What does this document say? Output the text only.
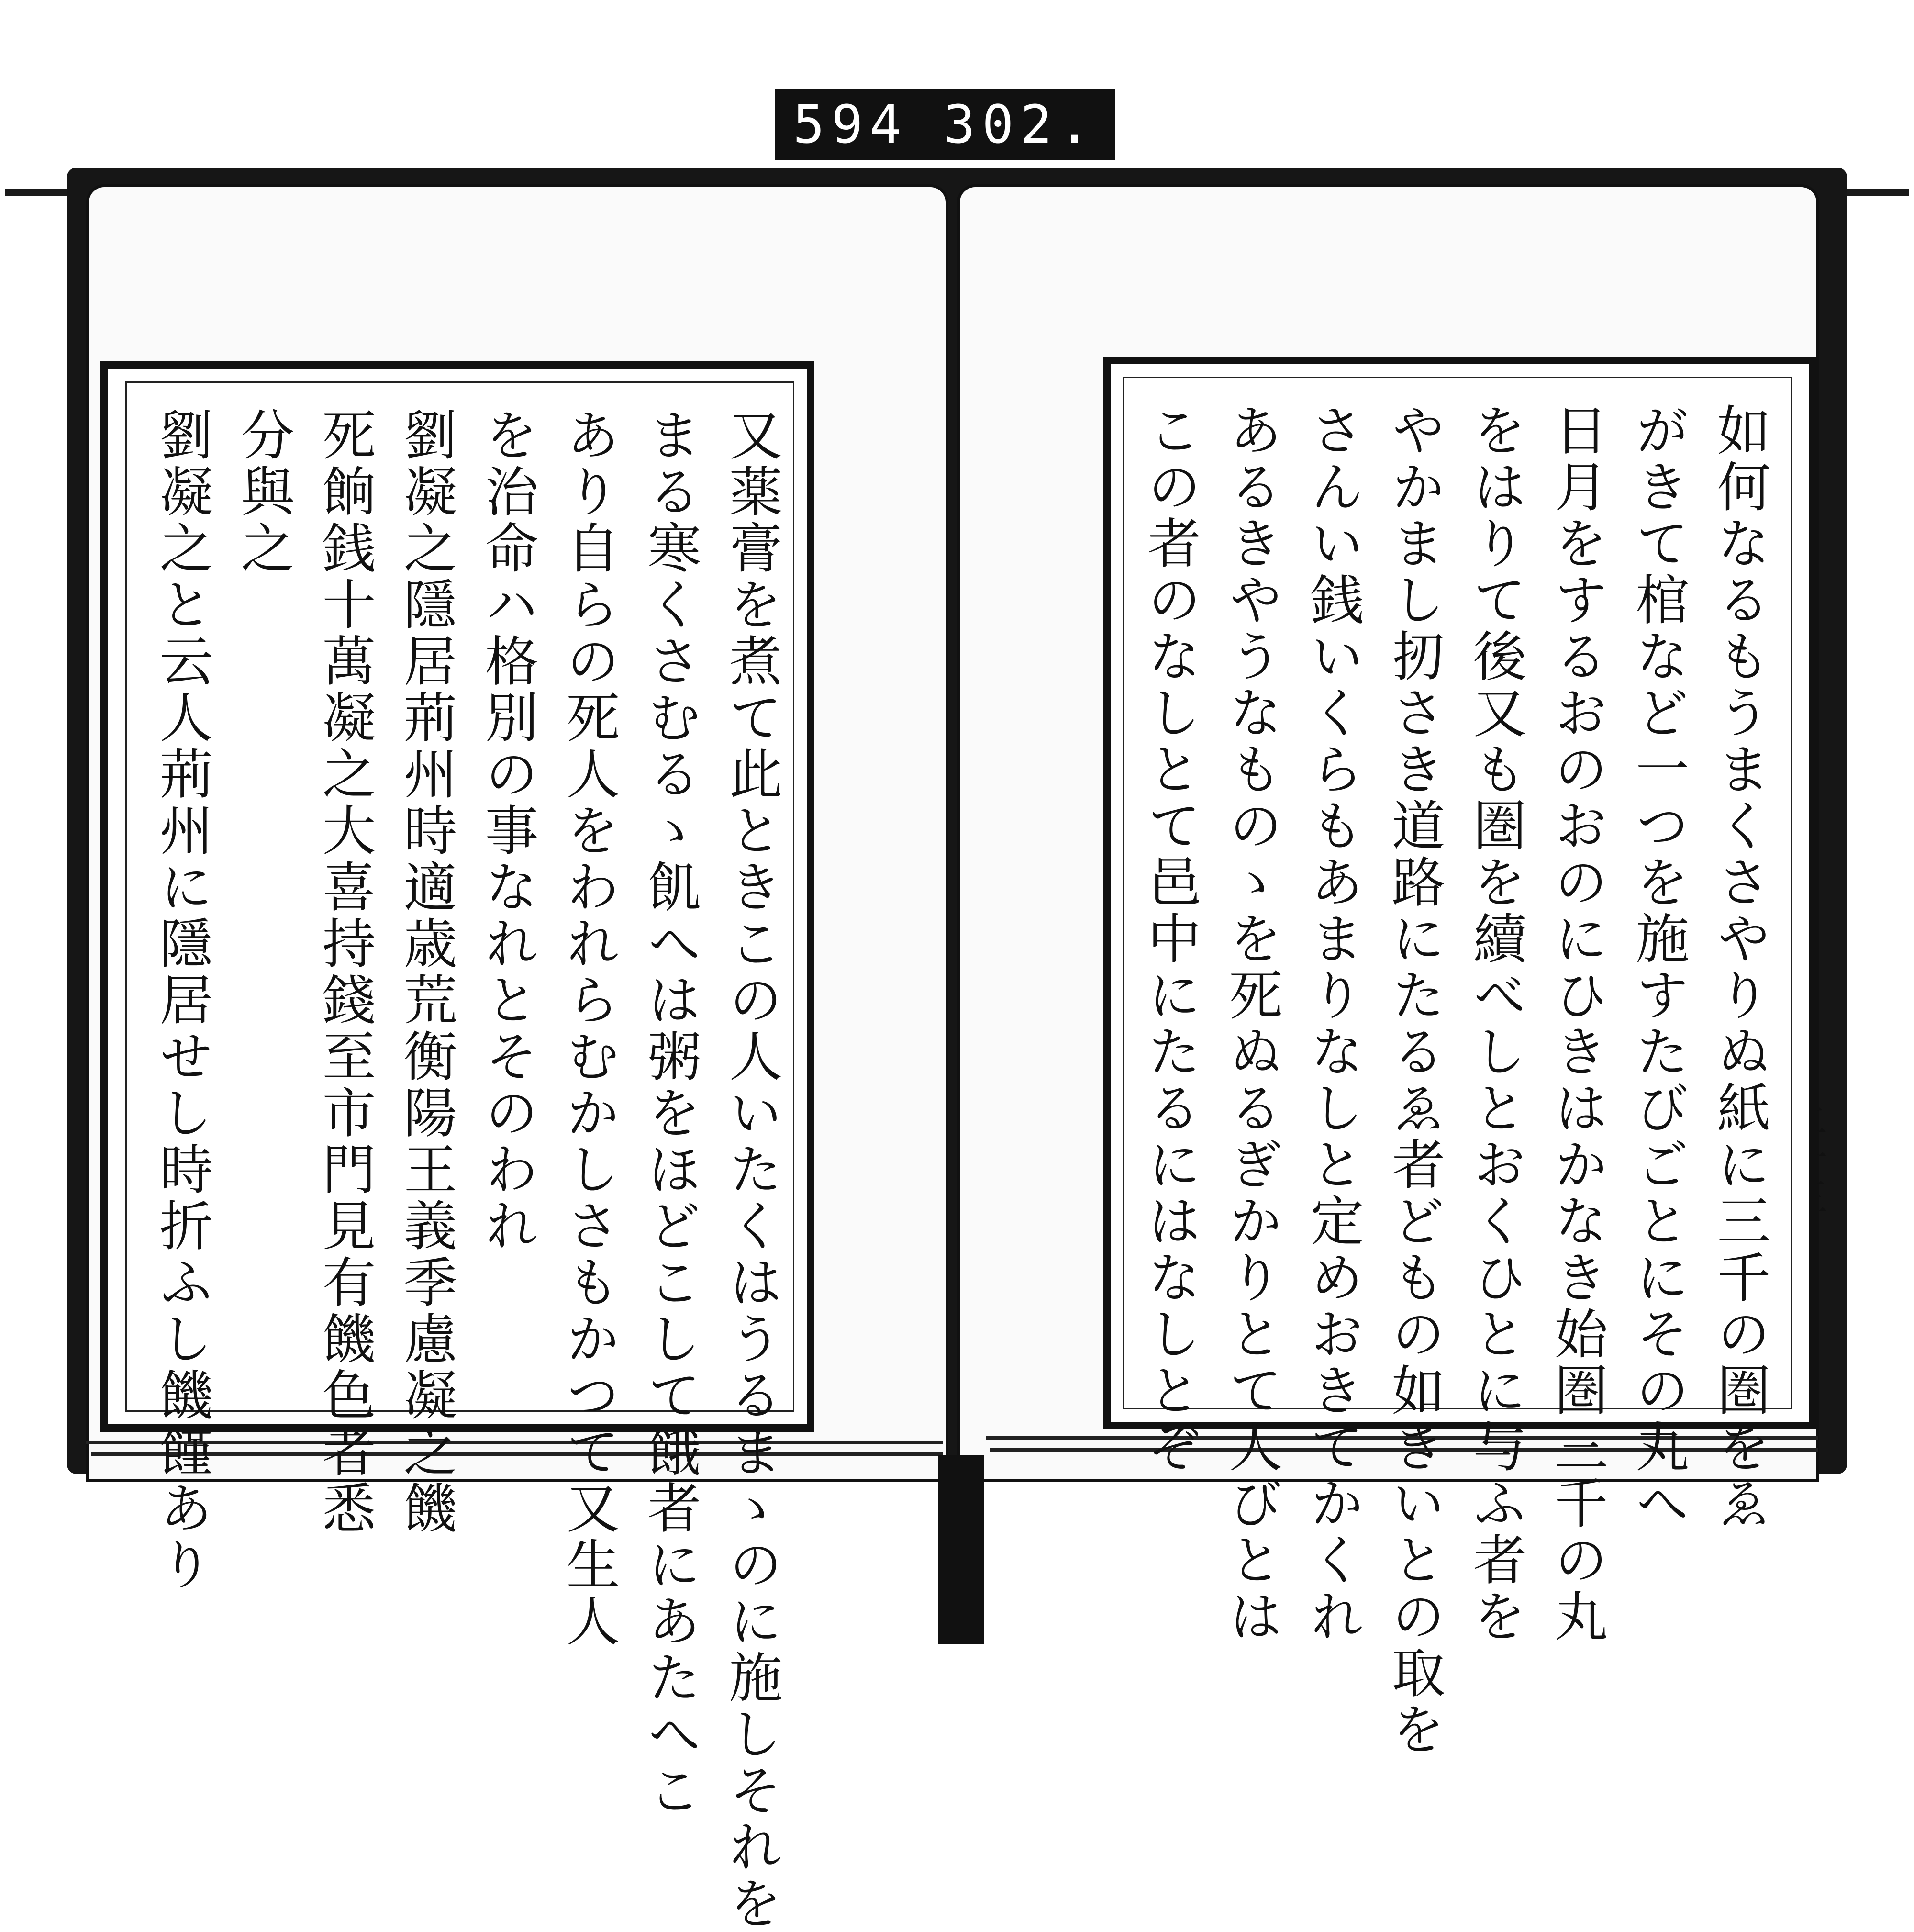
594 302.
又薬膏を煮て此ときこの人いたくはうるまゝのに施しそれを
まる寒くさむるゝ飢へは粥をほどこして餓者にあたへこ
あり自らの死人をわれらむかしさもかつて又生人
を治命ハ格別の事なれとそのわれ
劉凝之隱居荊州時適歳荒衡陽王義季慮凝之饑
死餉銭十萬凝之大喜持錢至市門見有饑色者悉
分與之
劉凝之と云人荊州に隱居せし時折ふし饑饉あり	如何なるもうまくさやりぬ紙に三千の圏をゑ
がきて棺など一つを施すたびごとにその丸へ
日月をするおのおのにひきはかなき始圏三千の丸
をはりて後又も圏を續べしとおくひとに与ふ者を
やかまし扨さき道路にたるゑ者どもの如きいとの取を
さんい銭いくらもあまりなしと定めおきてかくれ
あるきやうなものゝを死ぬるぎかりとて人びとは
この者のなしとて邑中にたるにはなしとぞ
